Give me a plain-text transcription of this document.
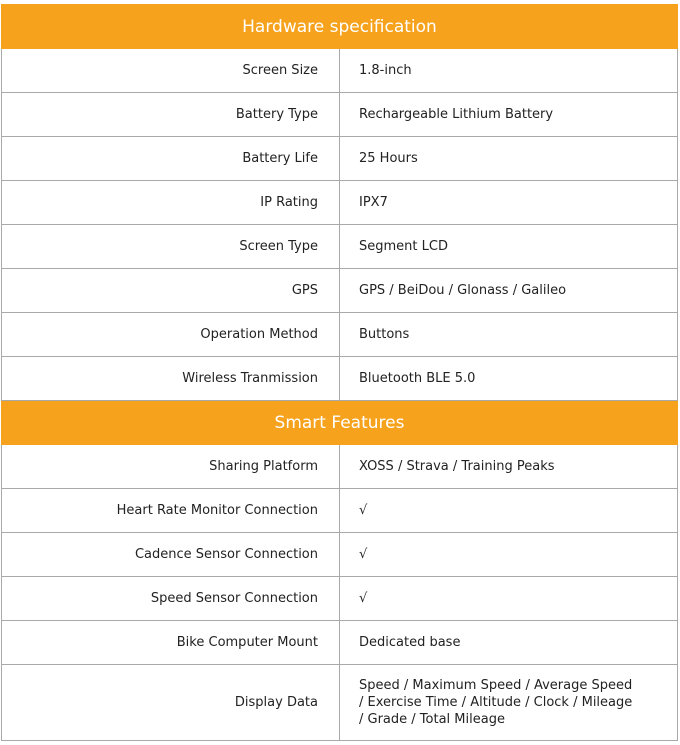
Hardware specification	
Screen Size	1.8-inch
Battery Type	Rechargeable Lithium Battery
Battery Life	25 Hours
IP Rating	IPX7
Screen Type	Segment LCD
GPS	GPS / BeiDou / Glonass / Galileo
Operation Method	Buttons
Wireless Tranmission	Bluetooth BLE 5.0
Smart Features	
Sharing Platform	XOSS / Strava / Training Peaks
Heart Rate Monitor Connection	√
Cadence Sensor Connection	√
Speed Sensor Connection	√
Bike Computer Mount	Dedicated base
Display Data	Speed / Maximum Speed / Average Speed / Exercise Time / Altitude / Clock / Mileage / Grade / Total Mileage
